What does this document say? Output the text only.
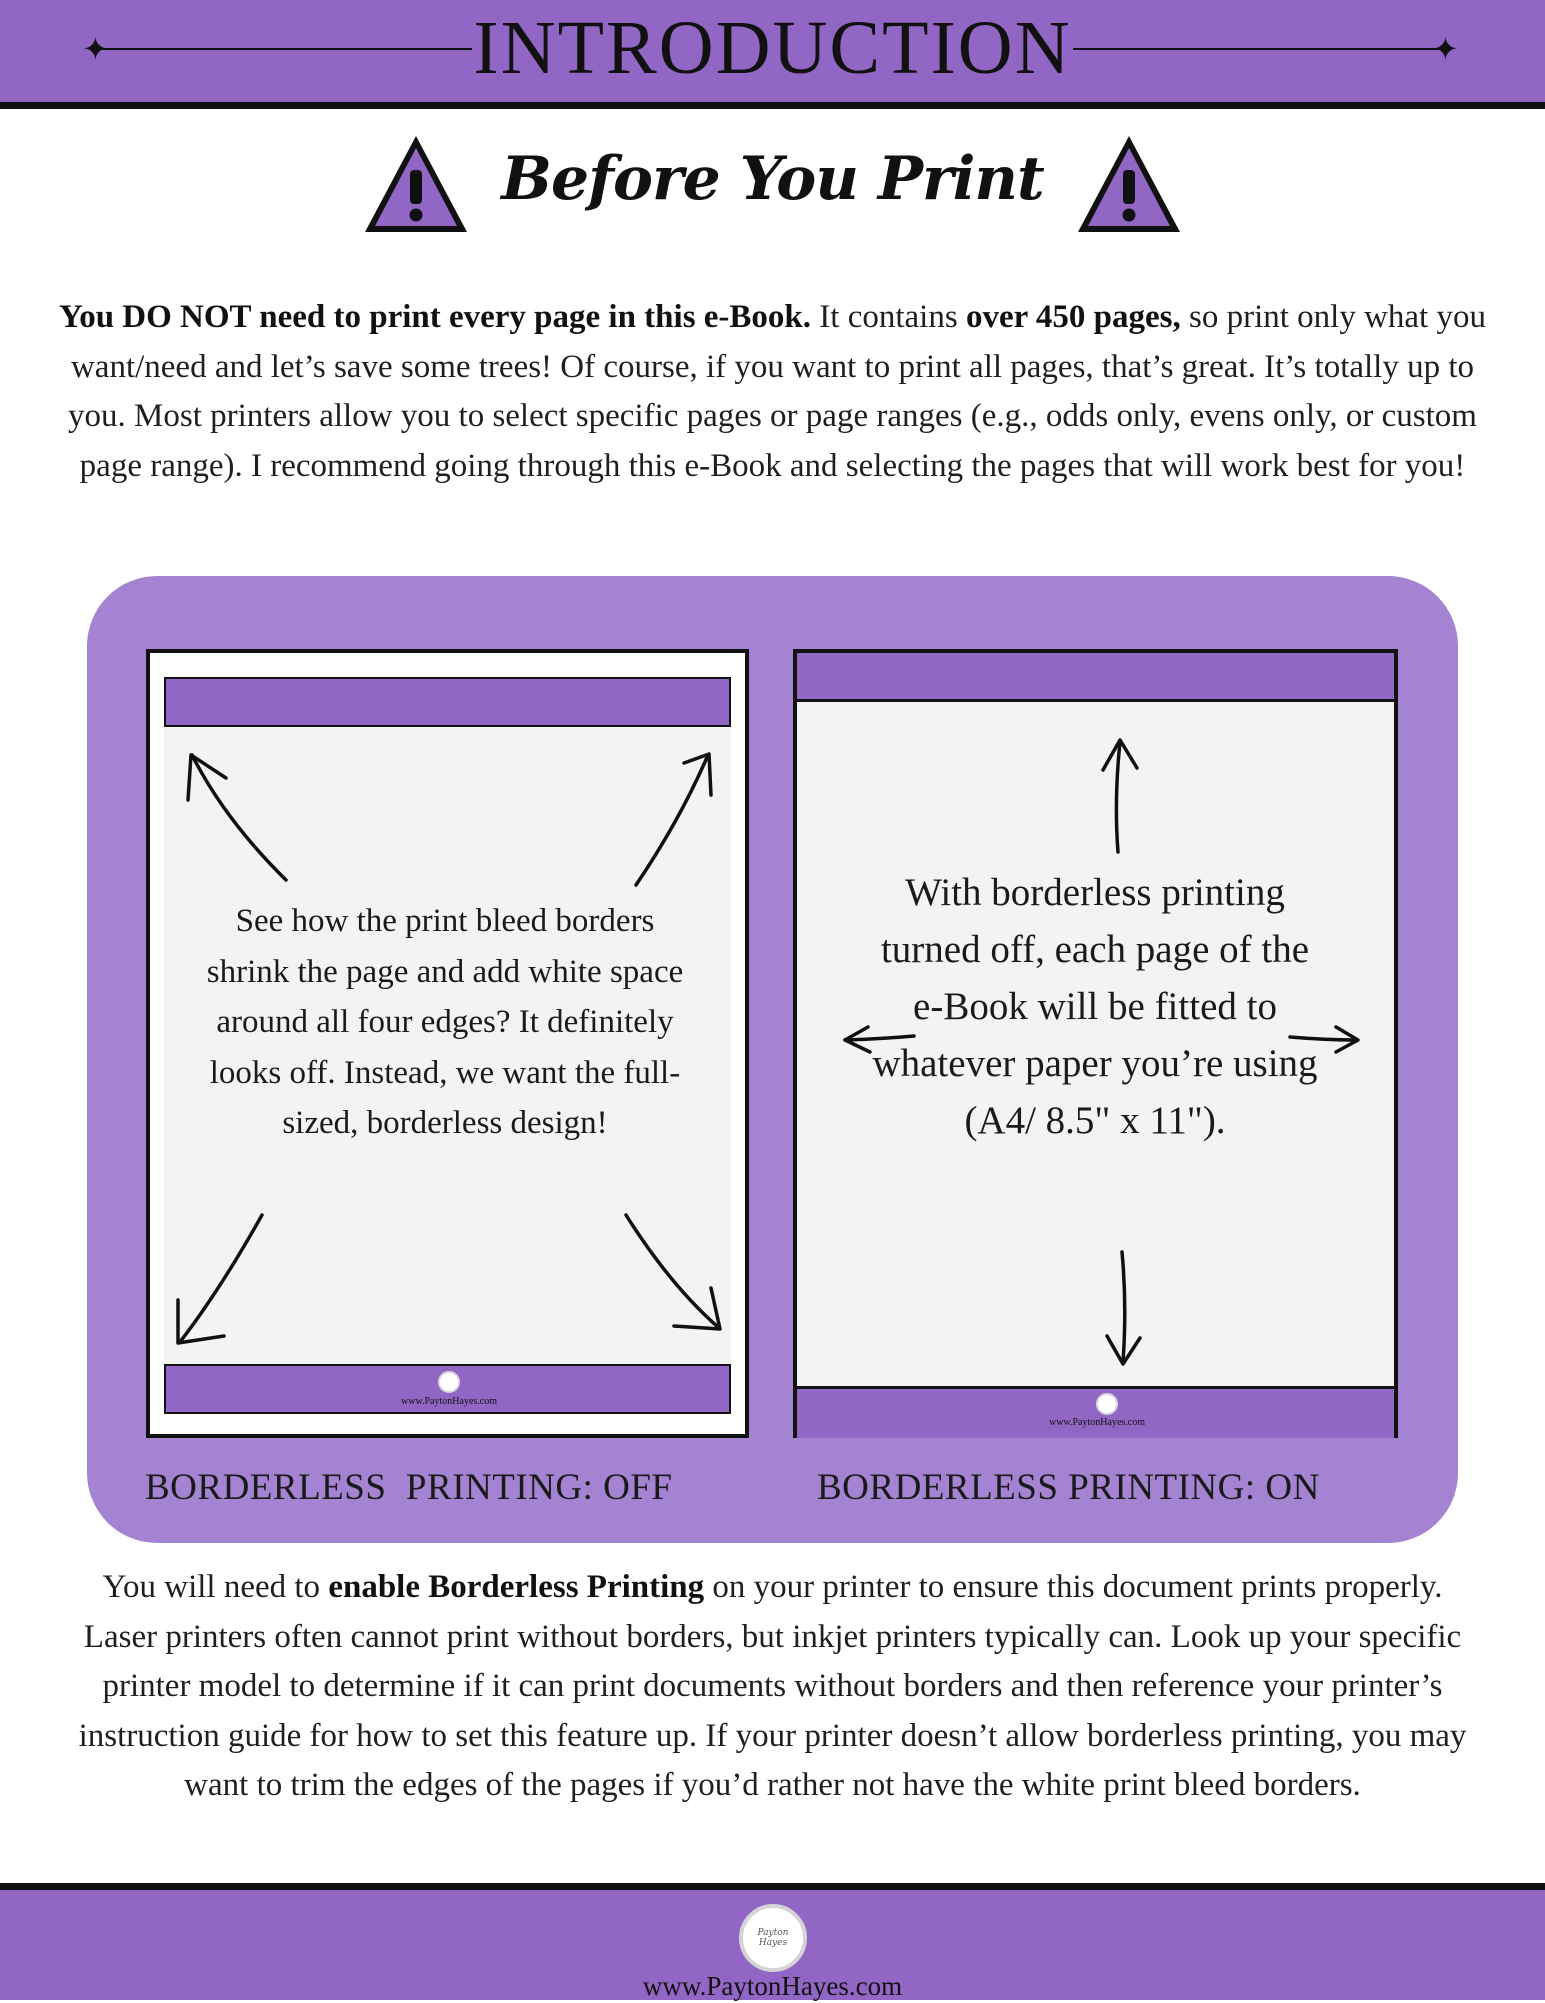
✦	✦
INTRODUCTION
Before You Print
You DO NOT need to print every page in this e-Book. It contains over 450 pages, so print only what you want/need and let’s save some trees! Of course, if you want to print all pages, that’s great. It’s totally up to you. Most printers allow you to select specific pages or page ranges (e.g., odds only, evens only, or custom page range). I recommend going through this e-Book and selecting the pages that will work best for you!
www.PaytonHayes.com
www.PaytonHayes.com
See how the print bleed borders shrink the page and add white space around all four edges? It definitely looks off. Instead, we want the full-sized, borderless design!
With borderless printing turned off, each page of the e-Book will be fitted to whatever paper you’re using (A4/ 8.5" x 11").
BORDERLESS  PRINTING: OFF	BORDERLESS PRINTING: ON
You will need to enable Borderless Printing on your printer to ensure this document prints properly. Laser printers often cannot print without borders, but inkjet printers typically can. Look up your specific printer model to determine if it can print documents without borders and then reference your printer’s instruction guide for how to set this feature up. If your printer doesn’t allow borderless printing, you may want to trim the edges of the pages if you’d rather not have the white print bleed borders.
Payton Hayes
www.PaytonHayes.com
